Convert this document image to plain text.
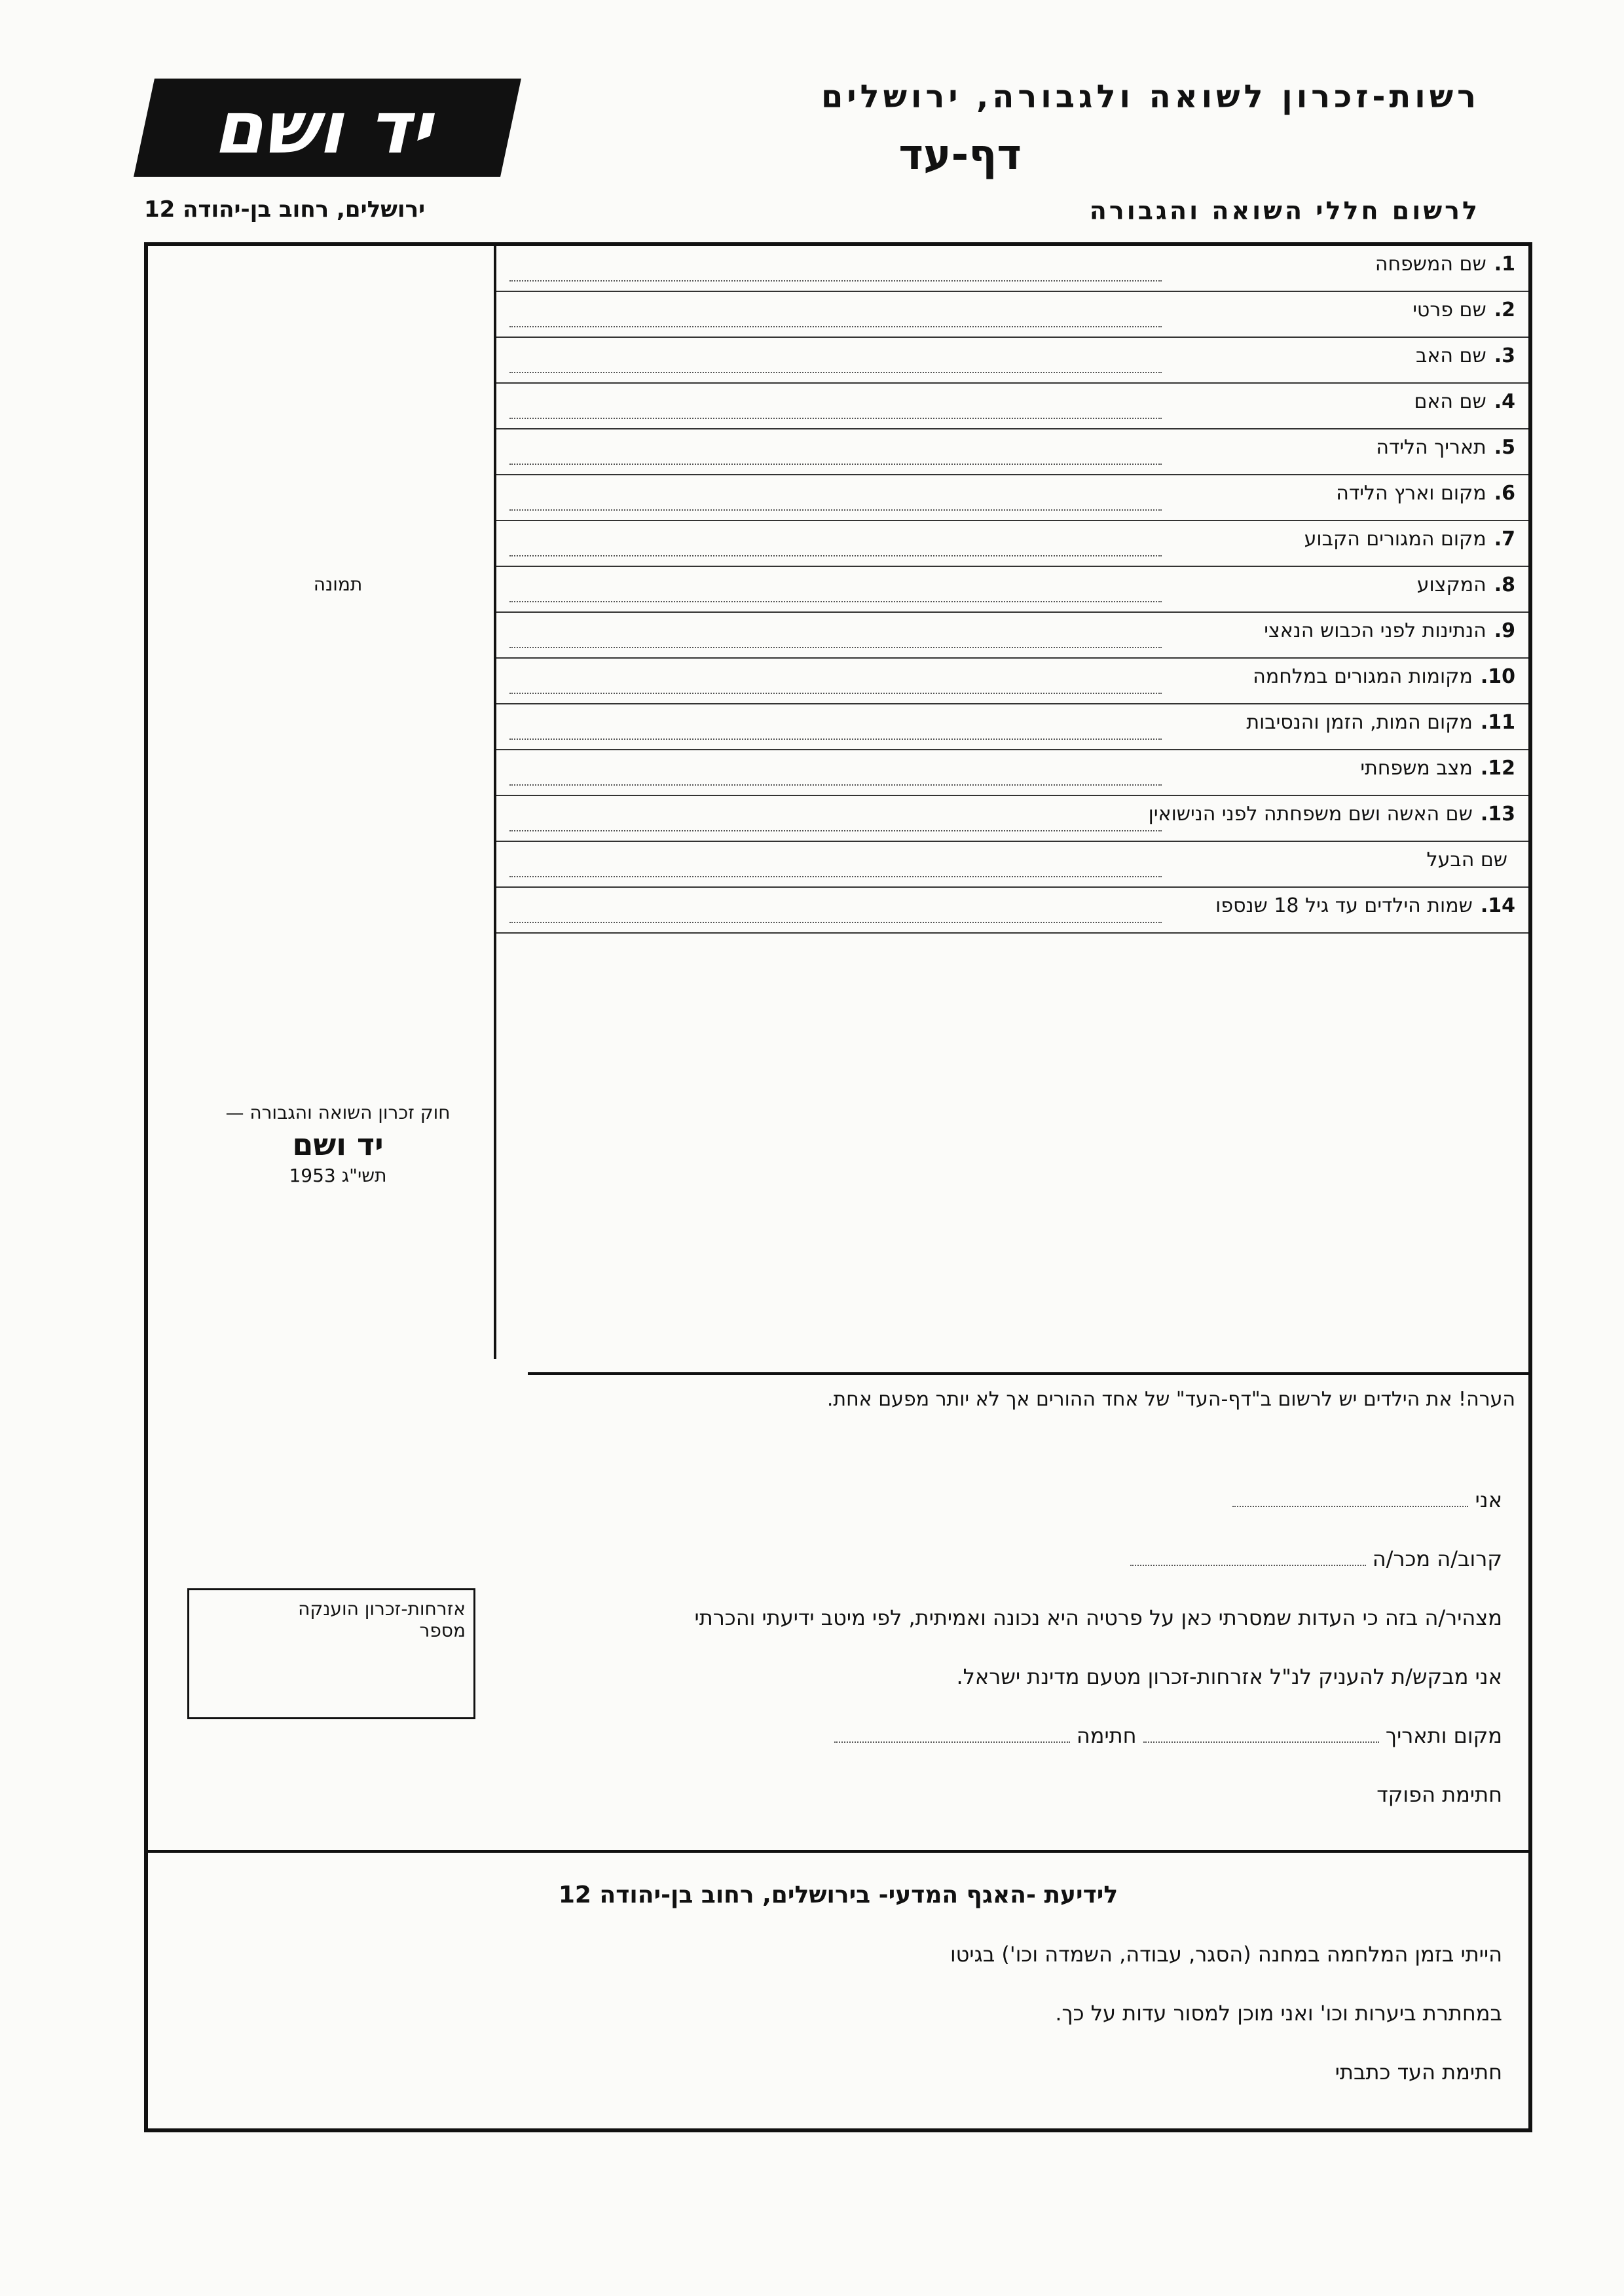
רשות-זכרון לשואה ולגבורה, ירושלים
דף-עד
לרשום חללי השואה והגבורה
יד ושם
ירושלים, רחוב בן-יהודה 12
1.שם המשפחה
2.שם פרטי
3.שם האב
4.שם האם
5.תאריך הלידה
6.מקום וארץ הלידה
7.מקום המגורים הקבוע
8.המקצוע
9.הנתינות לפני הכבוש הנאצי
10.מקומות המגורים במלחמה
11.מקום המות, הזמן והנסיבות
12.מצב משפחתי
13.שם האשה ושם משפחתה לפני הנישואין
שם הבעל
14.שמות הילדים עד גיל 18 שנספו
תמונה
חוק זכרון השואה והגבורה —
יד ושם
תשי"ג 1953
הערה! את הילדים יש לרשום ב"דף-העד" של אחד ההורים אך לא יותר מפעם אחת.
אני
קרוב/ה מכר/ה
מצהיר/ה בזה כי העדות שמסרתי כאן על פרטיה היא נכונה ואמיתית, לפי מיטב ידיעתי והכרתי
אני מבקש/ת להעניק לנ"ל אזרחות-זכרון מטעם מדינת ישראל.
מקום ותאריך  חתימה
חתימת הפוקד
אזרחות-זכרון הוענקה
מספר
לידיעת -האגף המדעי- בירושלים, רחוב בן-יהודה 12
הייתי בזמן המלחמה במחנה (הסגר, עבודה, השמדה וכו') בגיטו
במחתרת ביערות וכו' ואני מוכן למסור עדות על כך.
חתימת העד כתבתי
